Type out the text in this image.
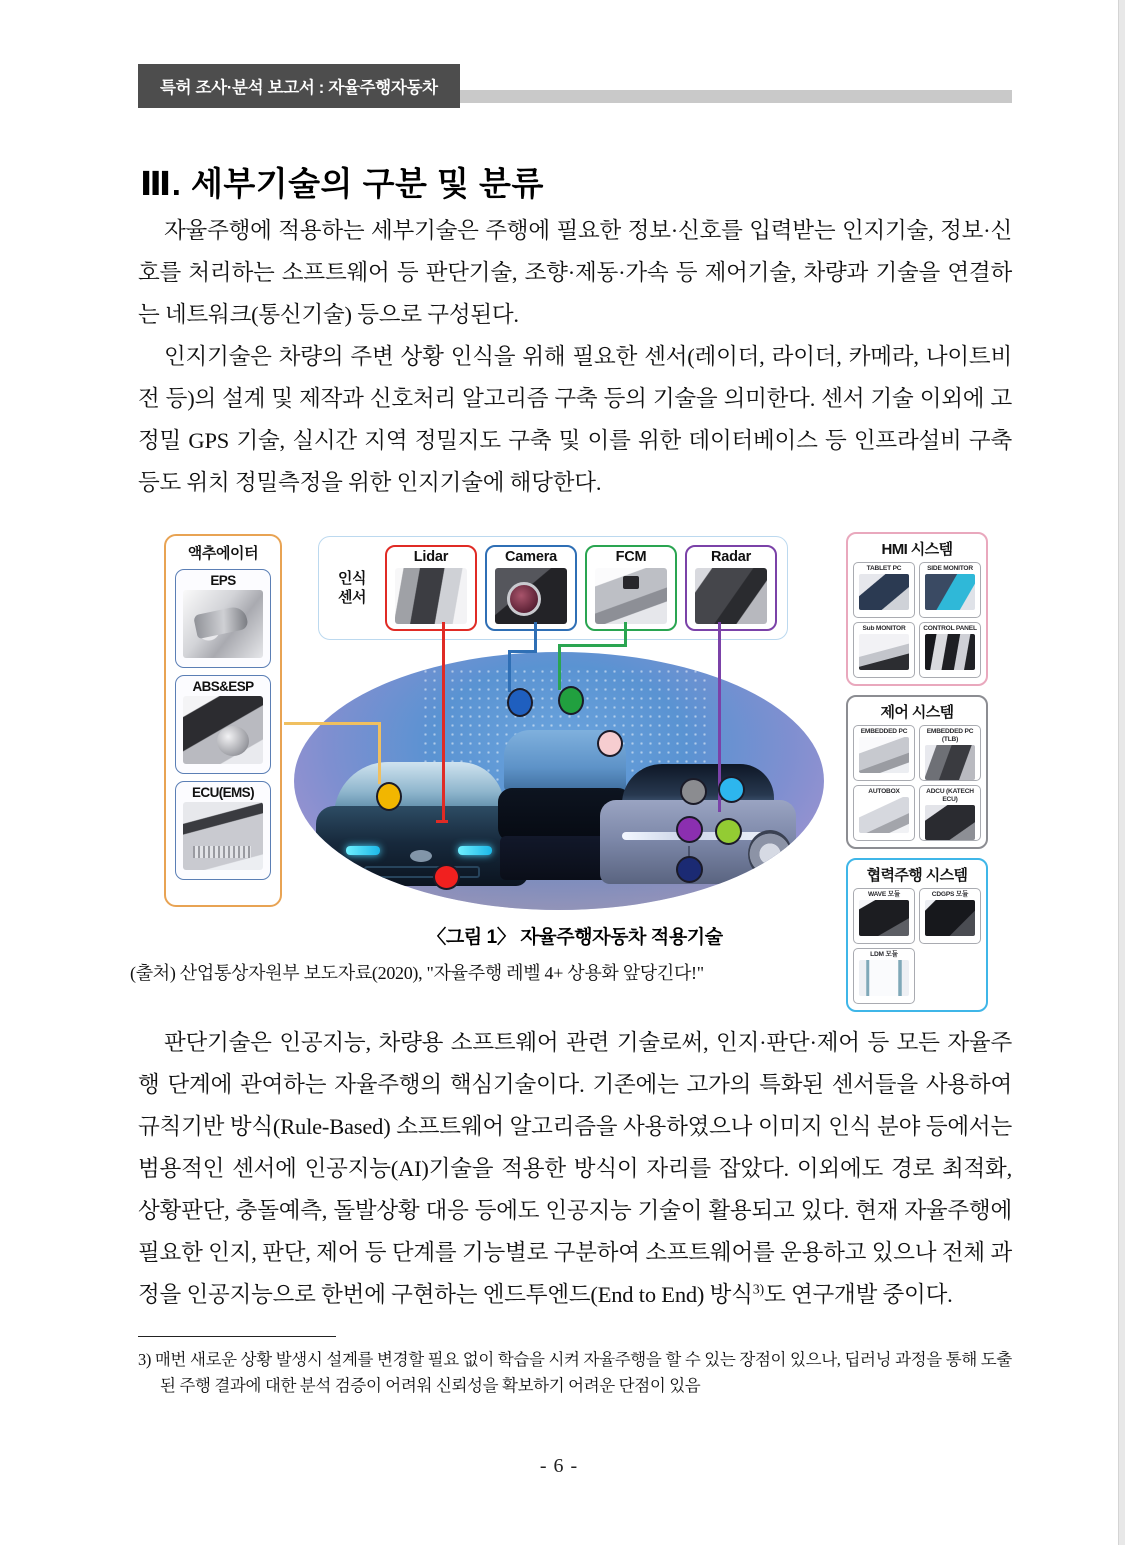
특허 조사·분석 보고서 : 자율주행자동차
Ⅲ. 세부기술의 구분 및 분류

자율주행에 적용하는 세부기술은 주행에 필요한 정보·신호를 입력받는 인지기술, 정보·신호를 처리하는 소프트웨어 등 판단기술, 조향·제동·가속 등 제어기술, 차량과 기술을 연결하는 네트워크(통신기술) 등으로 구성된다.

인지기술은 차량의 주변 상황 인식을 위해 필요한 센서(레이더, 라이더, 카메라, 나이트비전 등)의 설계 및 제작과 신호처리 알고리즘 구축 등의 기술을 의미한다. 센서 기술 이외에 고정밀 GPS 기술, 실시간 지역 정밀지도 구축 및 이를 위한 데이터베이스 등 인프라설비 구축 등도 위치 정밀측정을 위한 인지기술에 해당한다.

액추에이터
EPS
ABS&ESP
ECU(EMS)
인식
센서
Lidar	Camera	FCM	Radar	HMI 시스템
TABLET PC	SIDE MONITOR
Sub MONITOR	CONTROL PANEL
제어 시스템
EMBEDDED PC	EMBEDDED PC (TLB)
AUTOBOX	ADCU (KATECH ECU)
협력주행 시스템
WAVE 모듈	CDGPS 모듈
LDM 모듈
〈그림 1〉 자율주행자동차 적용기술
(출처) 산업통상자원부 보도자료(2020), "자율주행 레벨 4+ 상용화 앞당긴다!"

판단기술은 인공지능, 차량용 소프트웨어 관련 기술로써, 인지·판단·제어 등 모든 자율주행 단계에 관여하는 자율주행의 핵심기술이다. 기존에는 고가의 특화된 센서들을 사용하여 규칙기반 방식(Rule-Based) 소프트웨어 알고리즘을 사용하였으나 이미지 인식 분야 등에서는 범용적인 센서에 인공지능(AI)기술을 적용한 방식이 자리를 잡았다. 이외에도 경로 최적화, 상황판단, 충돌예측, 돌발상황 대응 등에도 인공지능 기술이 활용되고 있다. 현재 자율주행에 필요한 인지, 판단, 제어 등 단계를 기능별로 구분하여 소프트웨어를 운용하고 있으나 전체 과정을 인공지능으로 한번에 구현하는 엔드투엔드(End to End) 방식$^{3)}$도 연구개발 중이다.

3) 매번 새로운 상황 발생시 설계를 변경할 필요 없이 학습을 시켜 자율주행을 할 수 있는 장점이 있으나, 딥러닝 과정을 통해 도출된 주행 결과에 대한 분석 검증이 어려워 신뢰성을 확보하기 어려운 단점이 있음
- 6 -
